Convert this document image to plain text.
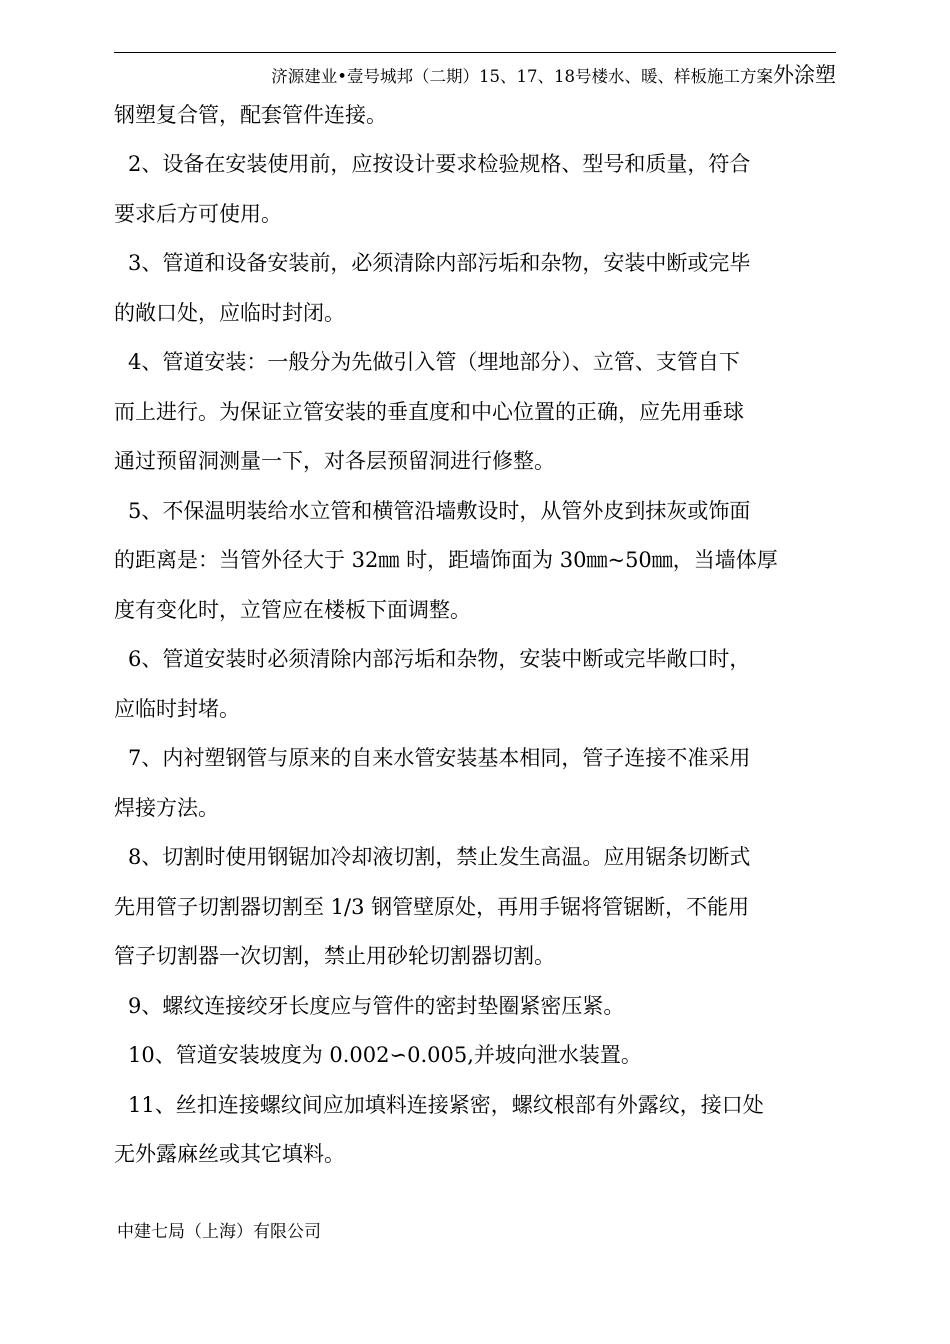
济源建业•壹号城邦（二期）15、17、18号楼水、暖、样板施工方案外涂塑

钢塑复合管，配套管件连接。

2、设备在安装使用前，应按设计要求检验规格、型号和质量，符合
要求后方可使用。
3、管道和设备安装前，必须清除内部污垢和杂物，安装中断或完毕
的敞口处，应临时封闭。
4、管道安装：一般分为先做引入管（埋地部分）、立管、支管自下
而上进行。为保证立管安装的垂直度和中心位置的正确，应先用垂球
通过预留洞测量一下，对各层预留洞进行修整。
5、不保温明装给水立管和横管沿墙敷设时，从管外皮到抹灰或饰面
的距离是：当管外径大于 32㎜ 时，距墙饰面为 30㎜~50㎜，当墙体厚
度有变化时，立管应在楼板下面调整。
6、管道安装时必须清除内部污垢和杂物，安装中断或完毕敞口时，
应临时封堵。
7、内衬塑钢管与原来的自来水管安装基本相同，管子连接不准采用
焊接方法。
8、切割时使用钢锯加冷却液切割，禁止发生高温。应用锯条切断式
先用管子切割器切割至 1/3 钢管壁原处，再用手锯将管锯断，不能用
管子切割器一次切割，禁止用砂轮切割器切割。
9、螺纹连接绞牙长度应与管件的密封垫圈紧密压紧。
10、管道安装坡度为 0.002∽0.005,并坡向泄水装置。
11、丝扣连接螺纹间应加填料连接紧密，螺纹根部有外露纹，接口处
无外露麻丝或其它填料。
中建七局（上海）有限公司
